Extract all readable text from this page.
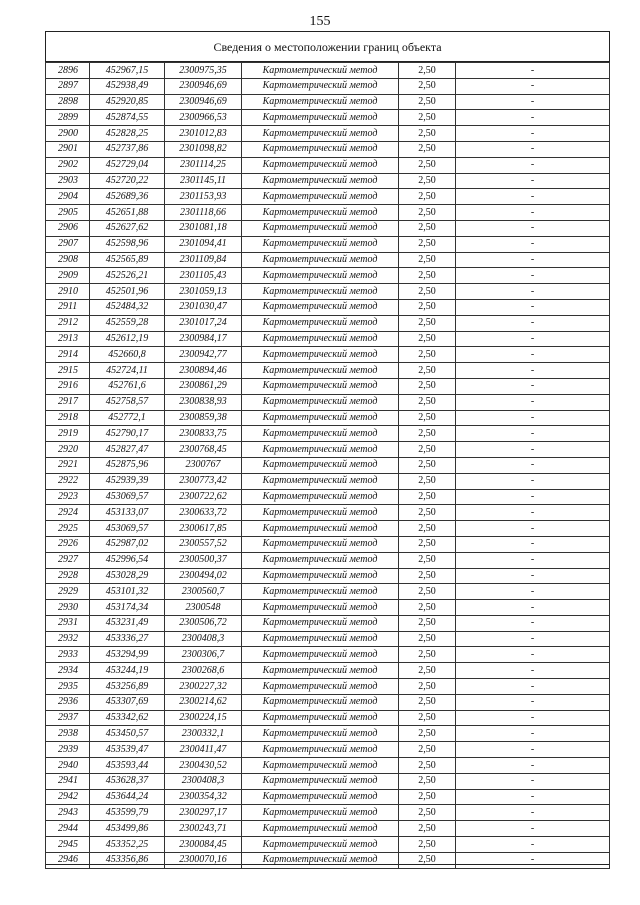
155
Сведения о местоположении границ объекта
2896	452967,15	2300975,35	Картометрический метод	2,50	-
2897	452938,49	2300946,69	Картометрический метод	2,50	-
2898	452920,85	2300946,69	Картометрический метод	2,50	-
2899	452874,55	2300966,53	Картометрический метод	2,50	-
2900	452828,25	2301012,83	Картометрический метод	2,50	-
2901	452737,86	2301098,82	Картометрический метод	2,50	-
2902	452729,04	2301114,25	Картометрический метод	2,50	-
2903	452720,22	2301145,11	Картометрический метод	2,50	-
2904	452689,36	2301153,93	Картометрический метод	2,50	-
2905	452651,88	2301118,66	Картометрический метод	2,50	-
2906	452627,62	2301081,18	Картометрический метод	2,50	-
2907	452598,96	2301094,41	Картометрический метод	2,50	-
2908	452565,89	2301109,84	Картометрический метод	2,50	-
2909	452526,21	2301105,43	Картометрический метод	2,50	-
2910	452501,96	2301059,13	Картометрический метод	2,50	-
2911	452484,32	2301030,47	Картометрический метод	2,50	-
2912	452559,28	2301017,24	Картометрический метод	2,50	-
2913	452612,19	2300984,17	Картометрический метод	2,50	-
2914	452660,8	2300942,77	Картометрический метод	2,50	-
2915	452724,11	2300894,46	Картометрический метод	2,50	-
2916	452761,6	2300861,29	Картометрический метод	2,50	-
2917	452758,57	2300838,93	Картометрический метод	2,50	-
2918	452772,1	2300859,38	Картометрический метод	2,50	-
2919	452790,17	2300833,75	Картометрический метод	2,50	-
2920	452827,47	2300768,45	Картометрический метод	2,50	-
2921	452875,96	2300767	Картометрический метод	2,50	-
2922	452939,39	2300773,42	Картометрический метод	2,50	-
2923	453069,57	2300722,62	Картометрический метод	2,50	-
2924	453133,07	2300633,72	Картометрический метод	2,50	-
2925	453069,57	2300617,85	Картометрический метод	2,50	-
2926	452987,02	2300557,52	Картометрический метод	2,50	-
2927	452996,54	2300500,37	Картометрический метод	2,50	-
2928	453028,29	2300494,02	Картометрический метод	2,50	-
2929	453101,32	2300560,7	Картометрический метод	2,50	-
2930	453174,34	2300548	Картометрический метод	2,50	-
2931	453231,49	2300506,72	Картометрический метод	2,50	-
2932	453336,27	2300408,3	Картометрический метод	2,50	-
2933	453294,99	2300306,7	Картометрический метод	2,50	-
2934	453244,19	2300268,6	Картометрический метод	2,50	-
2935	453256,89	2300227,32	Картометрический метод	2,50	-
2936	453307,69	2300214,62	Картометрический метод	2,50	-
2937	453342,62	2300224,15	Картометрический метод	2,50	-
2938	453450,57	2300332,1	Картометрический метод	2,50	-
2939	453539,47	2300411,47	Картометрический метод	2,50	-
2940	453593,44	2300430,52	Картометрический метод	2,50	-
2941	453628,37	2300408,3	Картометрический метод	2,50	-
2942	453644,24	2300354,32	Картометрический метод	2,50	-
2943	453599,79	2300297,17	Картометрический метод	2,50	-
2944	453499,86	2300243,71	Картометрический метод	2,50	-
2945	453352,25	2300084,45	Картометрический метод	2,50	-
2946	453356,86	2300070,16	Картометрический метод	2,50	-
